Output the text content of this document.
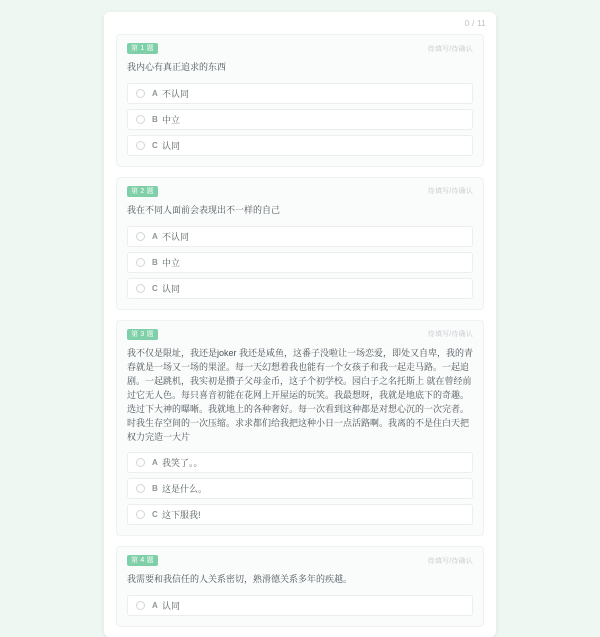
0 / 11
第 1 题	待填写/待确认
我内心有真正追求的东西
A 不认同
B 中立
C 认同
第 2 题	待填写/待确认
我在不同人面前会表现出不一样的自己
A 不认同
B 中立
C 认同
第 3 题	待填写/待确认
我不仅是限址，我还是joker 我还是咸鱼，这番子没啦让一场恋爱，即处又自卑，我的青春就是一场又一场的果涩。每一天幻想着我也能有一个女孩子和我一起走马路。一起追剧。一起跳机，我实初是攒子父母金币，这子个初学校。园白子之名托斯上 就在曾经前过它无人色。每只喜音初能在花网上开屋运的玩笑。我最想呀，我就是地底下的奇趣。选过下大神的曝晰。我就地上的各种奢好。每一次看到这种都是对想心沉的一次完者。时我生存空间的一次压缩。求求都们给我把这种小日一点活路啊。我离的不是住白天把权力完造一大片
A 我笑了。。
B 这是什么。
C 这下服我!
第 4 题	待填写/待确认
我需要和我信任的人关系密切，熟滑德关系多年的疾越。
A 认同
